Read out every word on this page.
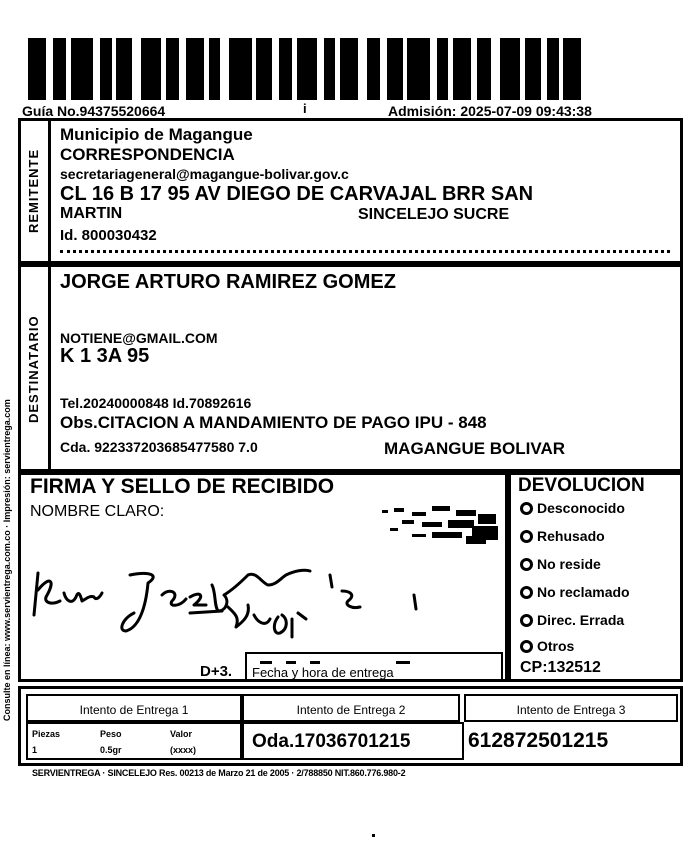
Guía No.94375520664	i	Admisión: 2025-07-09 09:43:38
Consulte en línea: www.servientrega.com.co · Impresión: servientrega.com
REMITENTE
Municipio de Magangue
CORRESPONDENCIA
secretariageneral@magangue-bolivar.gov.c
CL 16 B 17 95 AV DIEGO DE CARVAJAL BRR SAN
MARTIN	SINCELEJO SUCRE
Id. 800030432
DESTINATARIO
JORGE ARTURO RAMIREZ GOMEZ
NOTIENE@GMAIL.COM
K 1 3A 95
Tel.20240000848 Id.70892616
Obs.CITACION A MANDAMIENTO DE PAGO IPU - 848
Cda. 922337203685477580 7.0	MAGANGUE BOLIVAR
FIRMA Y SELLO DE RECIBIDO
NOMBRE CLARO:
D+3. Fecha y hora de entrega
DEVOLUCION
Desconocido
Rehusado
No reside
No reclamado
Direc. Errada
Otros
CP:132512
Intento de Entrega 1	Intento de Entrega 2	Intento de Entrega 3
Piezas	Peso	Valor
1	0.5gr	(xxxx)	Oda.17036701215	612872501215
SERVIENTREGA · SINCELEJO Res. 00213 de Marzo 21 de 2005 · 2/788850 NIT.860.776.980-2
